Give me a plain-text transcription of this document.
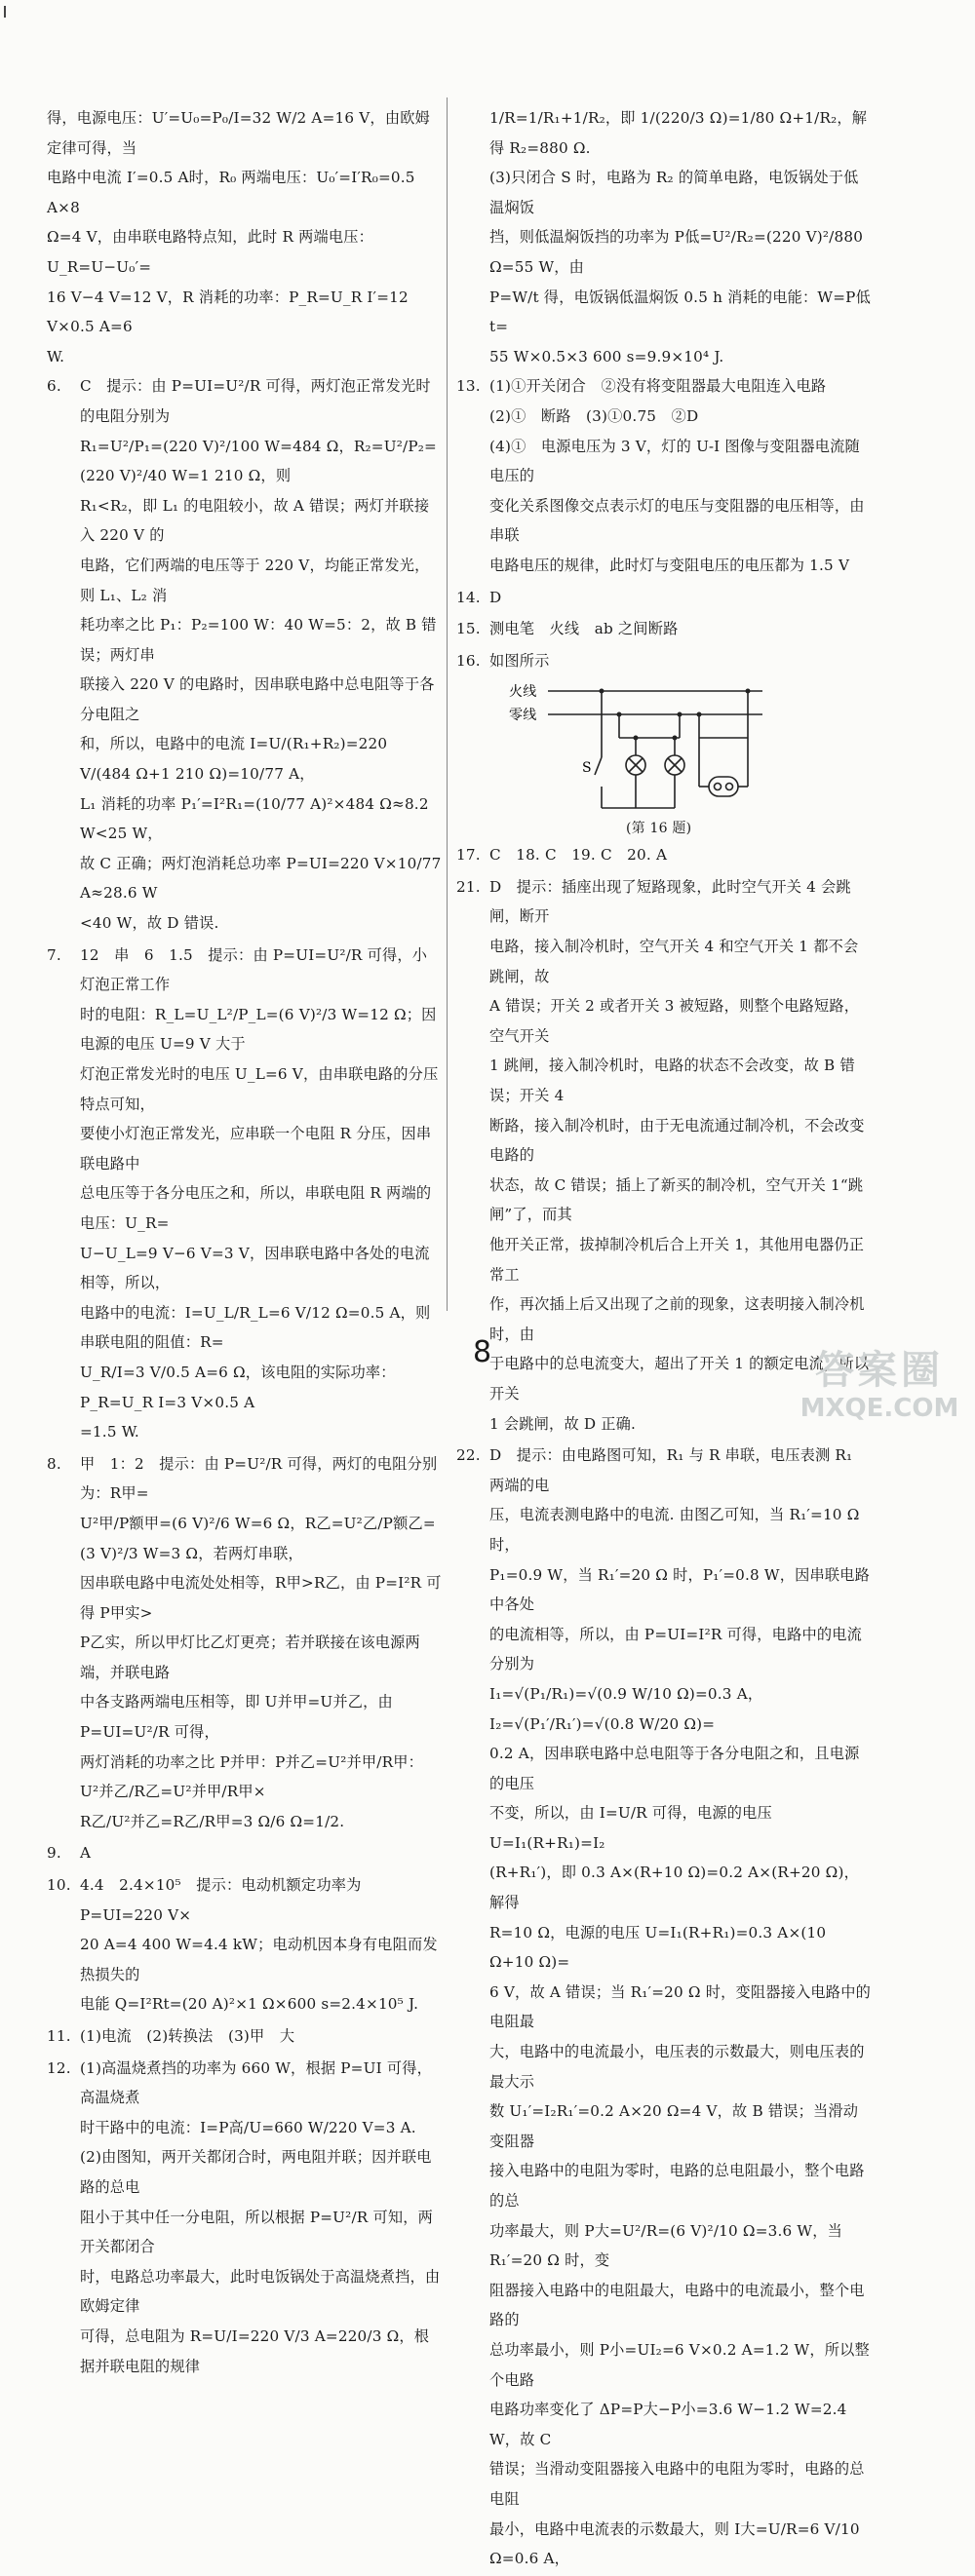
得，电源电压：U′=U₀=P₀/I=32 W/2 A=16 V，由欧姆定律可得，当

电路中电流 I′=0.5 A时，R₀ 两端电压：U₀′=I′R₀=0.5 A×8

Ω=4 V，由串联电路特点知，此时 R 两端电压：U_R=U−U₀′=

16 V−4 V=12 V，R 消耗的功率：P_R=U_R I′=12 V×0.5 A=6

W.

6.	C　提示：由 P=UI=U²/R 可得，两灯泡正常发光时的电阻分别为

R₁=U²/P₁=(220 V)²/100 W=484 Ω，R₂=U²/P₂=(220 V)²/40 W=1 210 Ω，则

R₁<R₂，即 L₁ 的电阻较小，故 A 错误；两灯并联接入 220 V 的

电路，它们两端的电压等于 220 V，均能正常发光，则 L₁、L₂ 消

耗功率之比 P₁：P₂=100 W：40 W=5：2，故 B 错误；两灯串

联接入 220 V 的电路时，因串联电路中总电阻等于各分电阻之

和，所以，电路中的电流 I=U/(R₁+R₂)=220 V/(484 Ω+1 210 Ω)=10/77 A，

L₁ 消耗的功率 P₁′=I²R₁=(10/77 A)²×484 Ω≈8.2 W<25 W，

故 C 正确；两灯泡消耗总功率 P=UI=220 V×10/77 A≈28.6 W

<40 W，故 D 错误.

7.	12　串　6　1.5　提示：由 P=UI=U²/R 可得，小灯泡正常工作

时的电阻：R_L=U_L²/P_L=(6 V)²/3 W=12 Ω；因电源的电压 U=9 V 大于

灯泡正常发光时的电压 U_L=6 V，由串联电路的分压特点可知，

要使小灯泡正常发光，应串联一个电阻 R 分压，因串联电路中

总电压等于各分电压之和，所以，串联电阻 R 两端的电压：U_R=

U−U_L=9 V−6 V=3 V，因串联电路中各处的电流相等，所以，

电路中的电流：I=U_L/R_L=6 V/12 Ω=0.5 A，则串联电阻的阻值：R=

U_R/I=3 V/0.5 A=6 Ω，该电阻的实际功率：P_R=U_R I=3 V×0.5 A

=1.5 W.

8.	甲　1：2　提示：由 P=U²/R 可得，两灯的电阻分别为：R甲=

U²甲/P额甲=(6 V)²/6 W=6 Ω，R乙=U²乙/P额乙=(3 V)²/3 W=3 Ω，若两灯串联，

因串联电路中电流处处相等，R甲>R乙，由 P=I²R 可得 P甲实>

P乙实，所以甲灯比乙灯更亮；若并联接在该电源两端，并联电路

中各支路两端电压相等，即 U并甲=U并乙，由 P=UI=U²/R 可得，

两灯消耗的功率之比 P并甲：P并乙=U²并甲/R甲：U²并乙/R乙=U²并甲/R甲×

R乙/U²并乙=R乙/R甲=3 Ω/6 Ω=1/2.

9.	A
10. 4.4　2.4×10⁵　提示：电动机额定功率为 P=UI=220 V×

20 A=4 400 W=4.4 kW；电动机因本身有电阻而发热损失的

电能 Q=I²Rt=(20 A)²×1 Ω×600 s=2.4×10⁵ J.

11. (1)电流　(2)转换法　(3)甲　大
12. (1)高温烧煮挡的功率为 660 W，根据 P=UI 可得，高温烧煮

时干路中的电流：I=P高/U=660 W/220 V=3 A.

(2)由图知，两开关都闭合时，两电阻并联；因并联电路的总电

阻小于其中任一分电阻，所以根据 P=U²/R 可知，两开关都闭合

时，电路总功率最大，此时电饭锅处于高温烧煮挡，由欧姆定律

可得，总电阻为 R=U/I=220 V/3 A=220/3 Ω，根据并联电阻的规律

1/R=1/R₁+1/R₂，即 1/(220/3 Ω)=1/80 Ω+1/R₂，解得 R₂=880 Ω.

(3)只闭合 S 时，电路为 R₂ 的简单电路，电饭锅处于低温焖饭

挡，则低温焖饭挡的功率为 P低=U²/R₂=(220 V)²/880 Ω=55 W，由

P=W/t 得，电饭锅低温焖饭 0.5 h 消耗的电能：W=P低 t=

55 W×0.5×3 600 s=9.9×10⁴ J.

13. (1)①开关闭合　②没有将变阻器最大电阻连入电路

(2)①　断路　(3)①0.75　②D

(4)①　电源电压为 3 V，灯的 U-I 图像与变阻器电流随电压的

变化关系图像交点表示灯的电压与变阻器的电压相等，由串联

电路电压的规律，此时灯与变阻电压的电压都为 1.5 V

14. D
15. 测电笔　火线　ab 之间断路
16. 如图所示
火线
零线
S
(第 16 题)
17. C　18. C　19. C　20. A
21. D　提示：插座出现了短路现象，此时空气开关 4 会跳闸，断开

电路，接入制冷机时，空气开关 4 和空气开关 1 都不会跳闸，故

A 错误；开关 2 或者开关 3 被短路，则整个电路短路，空气开关

1 跳闸，接入制冷机时，电路的状态不会改变，故 B 错误；开关 4

断路，接入制冷机时，由于无电流通过制冷机，不会改变电路的

状态，故 C 错误；插上了新买的制冷机，空气开关 1“跳闸”了，而其

他开关正常，拔掉制冷机后合上开关 1，其他用电器仍正常工

作，再次插上后又出现了之前的现象，这表明接入制冷机时，由

于电路中的总电流变大，超出了开关 1 的额定电流，所以开关

1 会跳闸，故 D 正确.

22. D　提示：由电路图可知，R₁ 与 R 串联，电压表测 R₁ 两端的电

压，电流表测电路中的电流. 由图乙可知，当 R₁′=10 Ω 时，

P₁=0.9 W，当 R₁′=20 Ω 时，P₁′=0.8 W，因串联电路中各处

的电流相等，所以，由 P=UI=I²R 可得，电路中的电流分别为

I₁=√(P₁/R₁)=√(0.9 W/10 Ω)=0.3 A，I₂=√(P₁′/R₁′)=√(0.8 W/20 Ω)=

0.2 A，因串联电路中总电阻等于各分电阻之和，且电源的电压

不变，所以，由 I=U/R 可得，电源的电压 U=I₁(R+R₁)=I₂

(R+R₁′)，即 0.3 A×(R+10 Ω)=0.2 A×(R+20 Ω)，解得

R=10 Ω，电源的电压 U=I₁(R+R₁)=0.3 A×(10 Ω+10 Ω)=

6 V，故 A 错误；当 R₁′=20 Ω 时，变阻器接入电路中的电阻最

大，电路中的电流最小，电压表的示数最大，则电压表的最大示

数 U₁′=I₂R₁′=0.2 A×20 Ω=4 V，故 B 错误；当滑动变阻器

接入电路中的电阻为零时，电路的总电阻最小，整个电路的总

功率最大，则 P大=U²/R=(6 V)²/10 Ω=3.6 W，当 R₁′=20 Ω 时，变

阻器接入电路中的电阻最大，电路中的电流最小，整个电路的

总功率最小，则 P小=UI₂=6 V×0.2 A=1.2 W，所以整个电路

电路功率变化了 ΔP=P大−P小=3.6 W−1.2 W=2.4 W，故 C

错误；当滑动变阻器接入电路中的电阻为零时，电路的总电阻

最小，电路中电流表的示数最大，则 I大=U/R=6 V/10 Ω=0.6 A，

8	答案圈
MXQE.COM
